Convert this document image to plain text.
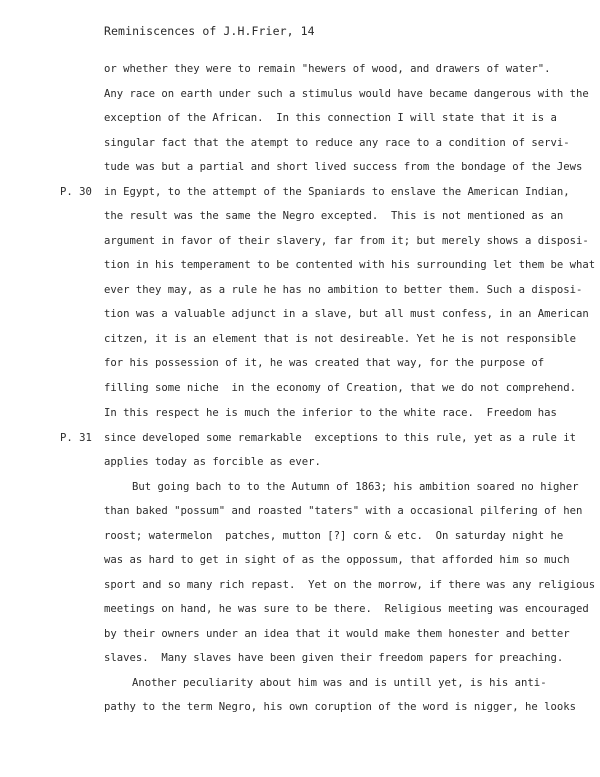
Reminiscences of J.H.Frier, 14
P. 30
P. 31
or whether they were to remain "hewers of wood, and drawers of water".
Any race on earth under such a stimulus would have became dangerous with the
exception of the African.  In this connection I will state that it is a
singular fact that the atempt to reduce any race to a condition of servi-
tude was but a partial and short lived success from the bondage of the Jews
in Egypt, to the attempt of the Spaniards to enslave the American Indian,
the result was the same the Negro excepted.  This is not mentioned as an
argument in favor of their slavery, far from it; but merely shows a disposi-
tion in his temperament to be contented with his surrounding let them be what
ever they may, as a rule he has no ambition to better them. Such a disposi-
tion was a valuable adjunct in a slave, but all must confess, in an American
citzen, it is an element that is not desireable. Yet he is not responsible
for his possession of it, he was created that way, for the purpose of
filling some niche  in the economy of Creation, that we do not comprehend.
In this respect he is much the inferior to the white race.  Freedom has
since developed some remarkable  exceptions to this rule, yet as a rule it
applies today as forcible as ever.
But going bach to to the Autumn of 1863; his ambition soared no higher
than baked "possum" and roasted "taters" with a occasional pilfering of hen
roost; watermelon  patches, mutton [?] corn & etc.  On saturday night he
was as hard to get in sight of as the oppossum, that afforded him so much
sport and so many rich repast.  Yet on the morrow, if there was any religious
meetings on hand, he was sure to be there.  Religious meeting was encouraged
by their owners under an idea that it would make them honester and better
slaves.  Many slaves have been given their freedom papers for preaching.
Another peculiarity about him was and is untill yet, is his anti-
pathy to the term Negro, his own coruption of the word is nigger, he looks
